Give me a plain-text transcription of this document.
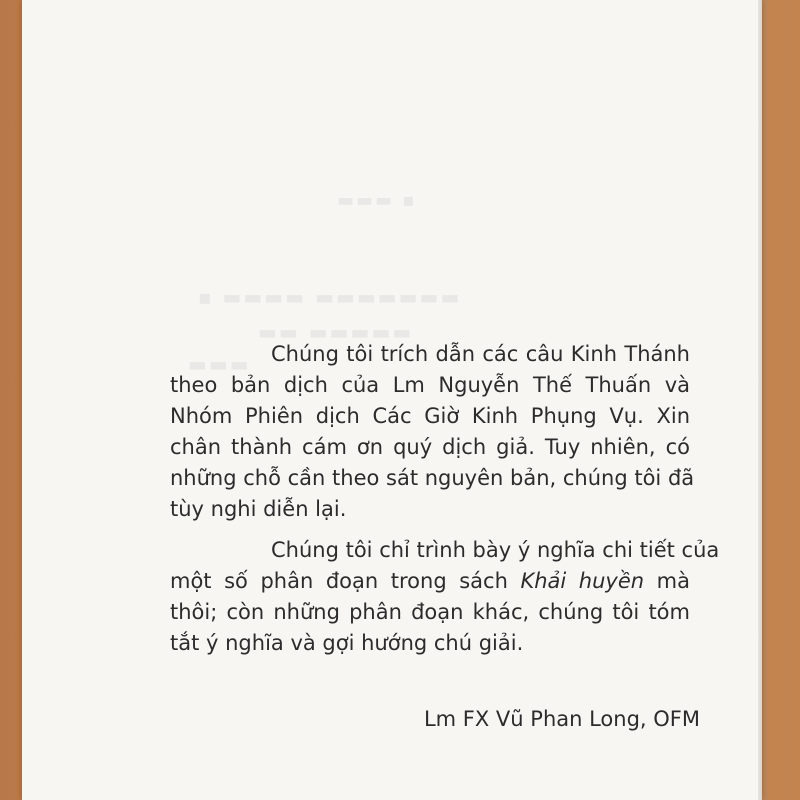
▬▬▬ ▪
▪ ▬▬▬▬ ▬▬▬▬▬▬▬
▬▬ ▬▬▬▬▬
▬▬▬ Chúng tôi trích dẫn các câu Kinh Thánh
theo bản dịch của Lm Nguyễn Thế Thuấn và
Nhóm Phiên dịch Các Giờ Kinh Phụng Vụ. Xin
chân thành cám ơn quý dịch giả. Tuy nhiên, có
những chỗ cần theo sát nguyên bản, chúng tôi đã
tùy nghi diễn lại.
Chúng tôi chỉ trình bày ý nghĩa chi tiết của
một số phân đoạn trong sách Khải huyền mà
thôi; còn những phân đoạn khác, chúng tôi tóm
tắt ý nghĩa và gợi hướng chú giải.
Lm FX Vũ Phan Long, OFM
